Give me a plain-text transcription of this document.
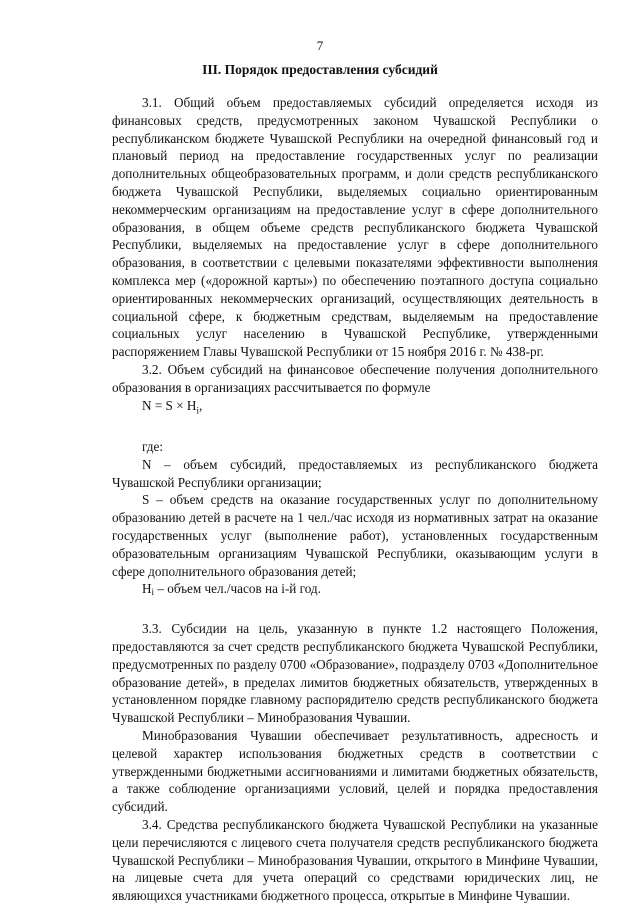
7
III. Порядок предоставления субсидий

3.1. Общий объем предоставляемых субсидий определяется исходя из финансовых средств, предусмотренных законом Чувашской Республики о республиканском бюджете Чувашской Республики на очередной финансовый год и плановый период на предоставление государственных услуг по реализации дополнительных общеобразовательных программ, и доли средств республиканского бюджета Чувашской Республики, выделяемых социально ориентированным некоммерческим организациям на предоставление услуг в сфере дополнительного образования, в общем объеме средств республиканского бюджета Чувашской Республики, выделяемых на предоставление услуг в сфере дополнительного образования, в соответствии с целевыми показателями эффективности выполнения комплекса мер («дорожной карты») по обеспечению поэтапного доступа социально ориентированных некоммерческих организаций, осуществляющих деятельность в социальной сфере, к бюджетным средствам, выделяемым на предоставление социальных услуг населению в Чувашской Республике, утвержденными распоряжением Главы Чувашской Республики от 15 ноября 2016 г. № 438-рг.

3.2. Объем субсидий на финансовое обеспечение получения дополнительного образования в организациях рассчитывается по формуле

$N = S \times H_i$,

где:

N – объем субсидий, предоставляемых из республиканского бюджета Чувашской Республики организации;

S – объем средств на оказание государственных услуг по дополнительному образованию детей в расчете на 1 чел./час исходя из нормативных затрат на оказание государственных услуг (выполнение работ), установленных государственным образовательным организациям Чувашской Республики, оказывающим услуги в сфере дополнительного образования детей;

Hi – объем чел./часов на i-й год.

3.3. Субсидии на цель, указанную в пункте 1.2 настоящего Положения, предоставляются за счет средств республиканского бюджета Чувашской Республики, предусмотренных по разделу 0700 «Образование», подразделу 0703 «Дополнительное образование детей», в пределах лимитов бюджетных обязательств, утвержденных в установленном порядке главному распорядителю средств республиканского бюджета Чувашской Республики – Минобразования Чувашии.

Минобразования Чувашии обеспечивает результативность, адресность и целевой характер использования бюджетных средств в соответствии с утвержденными бюджетными ассигнованиями и лимитами бюджетных обязательств, а также соблюдение организациями условий, целей и порядка предоставления субсидий.

3.4. Средства республиканского бюджета Чувашской Республики на указанные цели перечисляются с лицевого счета получателя средств республиканского бюджета Чувашской Республики – Минобразования Чувашии, открытого в Минфине Чувашии, на лицевые счета для учета операций со средствами юридических лиц, не являющихся участниками бюджетного процесса, открытые в Минфине Чувашии.
